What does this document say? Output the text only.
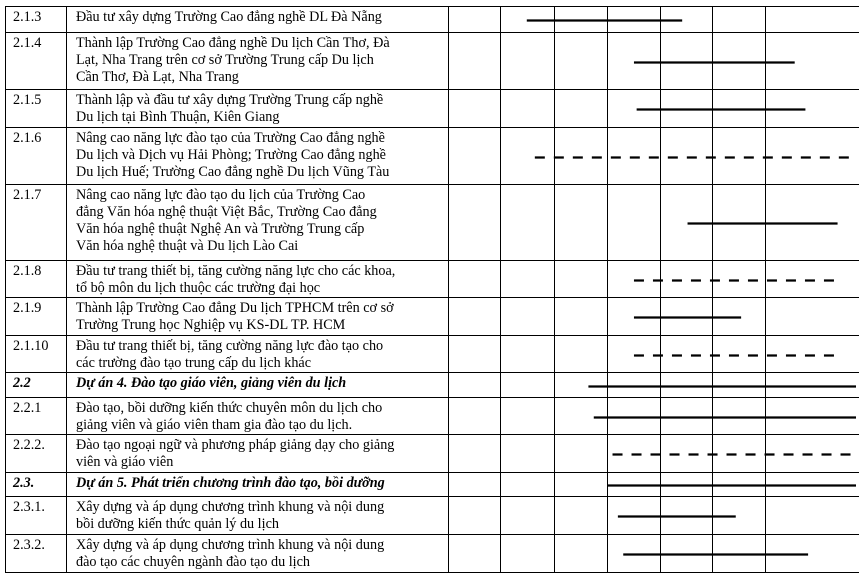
2.1.3 Đầu tư xây dựng Trường Cao đẳng nghề DL Đà Nẵng
2.1.4 Thành lập Trường Cao đẳng nghề Du lịch Cần Thơ, Đà
Lạt, Nha Trang trên cơ sở Trường Trung cấp Du lịch
Cần Thơ, Đà Lạt, Nha Trang
2.1.5 Thành lập và đầu tư xây dựng Trường Trung cấp nghề
Du lịch tại Bình Thuận, Kiên Giang
2.1.6 Nâng cao năng lực đào tạo của Trường Cao đẳng nghề
Du lịch và Dịch vụ Hải Phòng; Trường Cao đẳng nghề
Du lịch Huế; Trường Cao đẳng nghề Du lịch Vũng Tàu
2.1.7 Nâng cao năng lực đào tạo du lịch của Trường Cao
đẳng Văn hóa nghệ thuật Việt Bắc, Trường Cao đẳng
Văn hóa nghệ thuật Nghệ An và Trường Trung cấp
Văn hóa nghệ thuật và Du lịch Lào Cai
2.1.8 Đầu tư trang thiết bị, tăng cường năng lực cho các khoa,
tổ bộ môn du lịch thuộc các trường đại học
2.1.9 Thành lập Trường Cao đẳng Du lịch TPHCM trên cơ sở
Trường Trung học Nghiệp vụ KS-DL TP. HCM
2.1.10 Đầu tư trang thiết bị, tăng cường năng lực đào tạo cho
các trường đào tạo trung cấp du lịch khác
2.2	Dự án 4. Đào tạo giáo viên, giảng viên du lịch
2.2.1 Đào tạo, bồi dưỡng kiến thức chuyên môn du lịch cho
giảng viên và giáo viên tham gia đào tạo du lịch.
2.2.2. Đào tạo ngoại ngữ và phương pháp giảng dạy cho giảng
viên và giáo viên
2.3.	Dự án 5. Phát triển chương trình đào tạo, bồi dưỡng
2.3.1. Xây dựng và áp dụng chương trình khung và nội dung
bồi dưỡng kiến thức quản lý du lịch
2.3.2. Xây dựng và áp dụng chương trình khung và nội dung
đào tạo các chuyên ngành đào tạo du lịch
